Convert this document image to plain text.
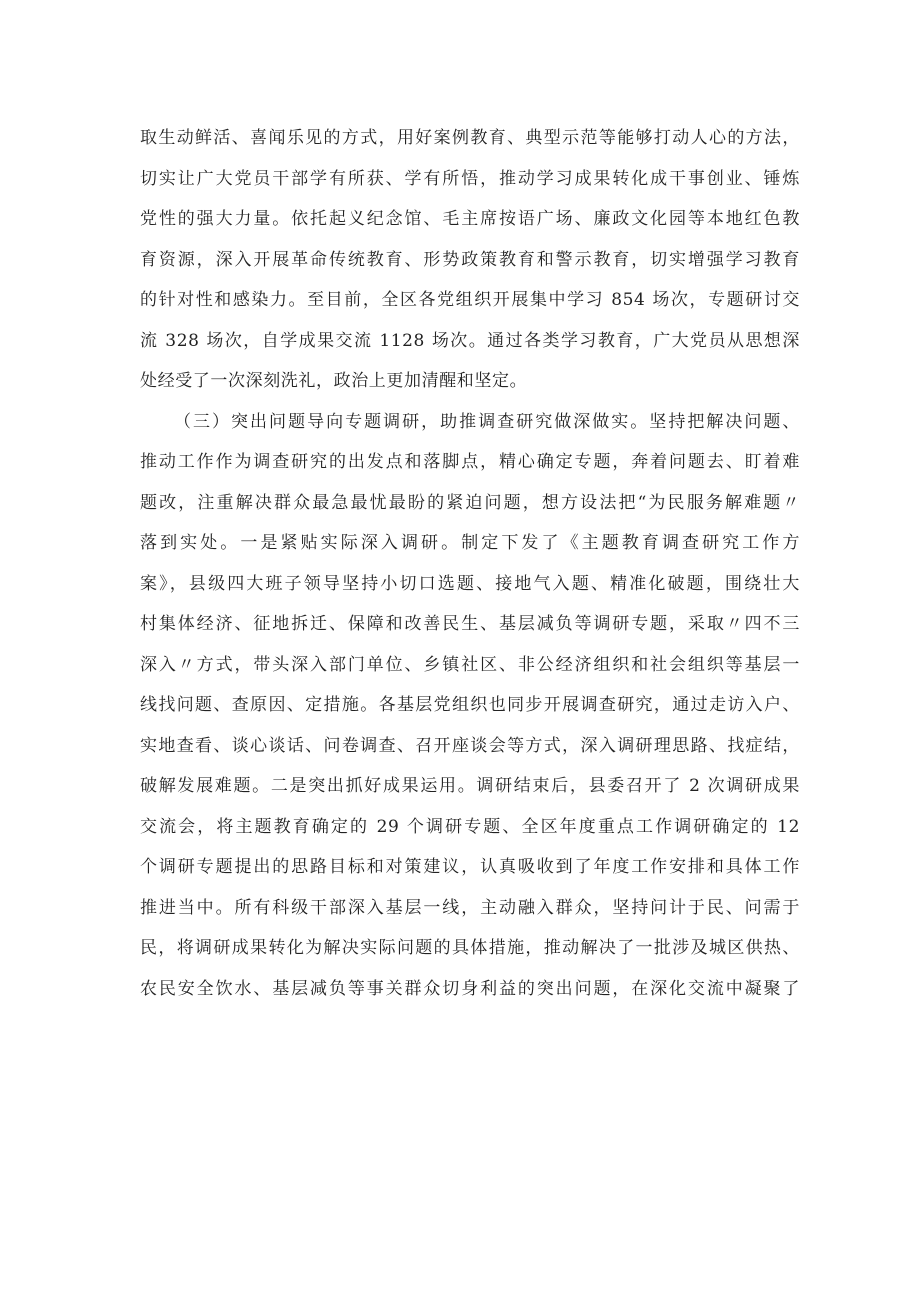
取生动鲜活、喜闻乐见的方式，用好案例教育、典型示范等能够打动人心的方法，
切实让广大党员干部学有所获、学有所悟，推动学习成果转化成干事创业、锤炼
党性的强大力量。依托起义纪念馆、毛主席按语广场、廉政文化园等本地红色教
育资源，深入开展革命传统教育、形势政策教育和警示教育，切实增强学习教育
的针对性和感染力。至目前，全区各党组织开展集中学习 854 场次，专题研讨交
流 328 场次，自学成果交流 1128 场次。通过各类学习教育，广大党员从思想深
处经受了一次深刻洗礼，政治上更加清醒和坚定。
（三）突出问题导向专题调研，助推调查研究做深做实。坚持把解决问题、
推动工作作为调查研究的出发点和落脚点，精心确定专题，奔着问题去、盯着难
题改，注重解决群众最急最忧最盼的紧迫问题，想方设法把“为民服务解难题〃
落到实处。一是紧贴实际深入调研。制定下发了《主题教育调查研究工作方
案》，县级四大班子领导坚持小切口选题、接地气入题、精准化破题，围绕壮大
村集体经济、征地拆迁、保障和改善民生、基层减负等调研专题，采取〃四不三
深入〃方式，带头深入部门单位、乡镇社区、非公经济组织和社会组织等基层一
线找问题、查原因、定措施。各基层党组织也同步开展调查研究，通过走访入户、
实地查看、谈心谈话、问卷调查、召开座谈会等方式，深入调研理思路、找症结，
破解发展难题。二是突出抓好成果运用。调研结束后，县委召开了 2 次调研成果
交流会，将主题教育确定的 29 个调研专题、全区年度重点工作调研确定的 12
个调研专题提出的思路目标和对策建议，认真吸收到了年度工作安排和具体工作
推进当中。所有科级干部深入基层一线，主动融入群众，坚持问计于民、问需于
民，将调研成果转化为解决实际问题的具体措施，推动解决了一批涉及城区供热、
农民安全饮水、基层减负等事关群众切身利益的突出问题，在深化交流中凝聚了
